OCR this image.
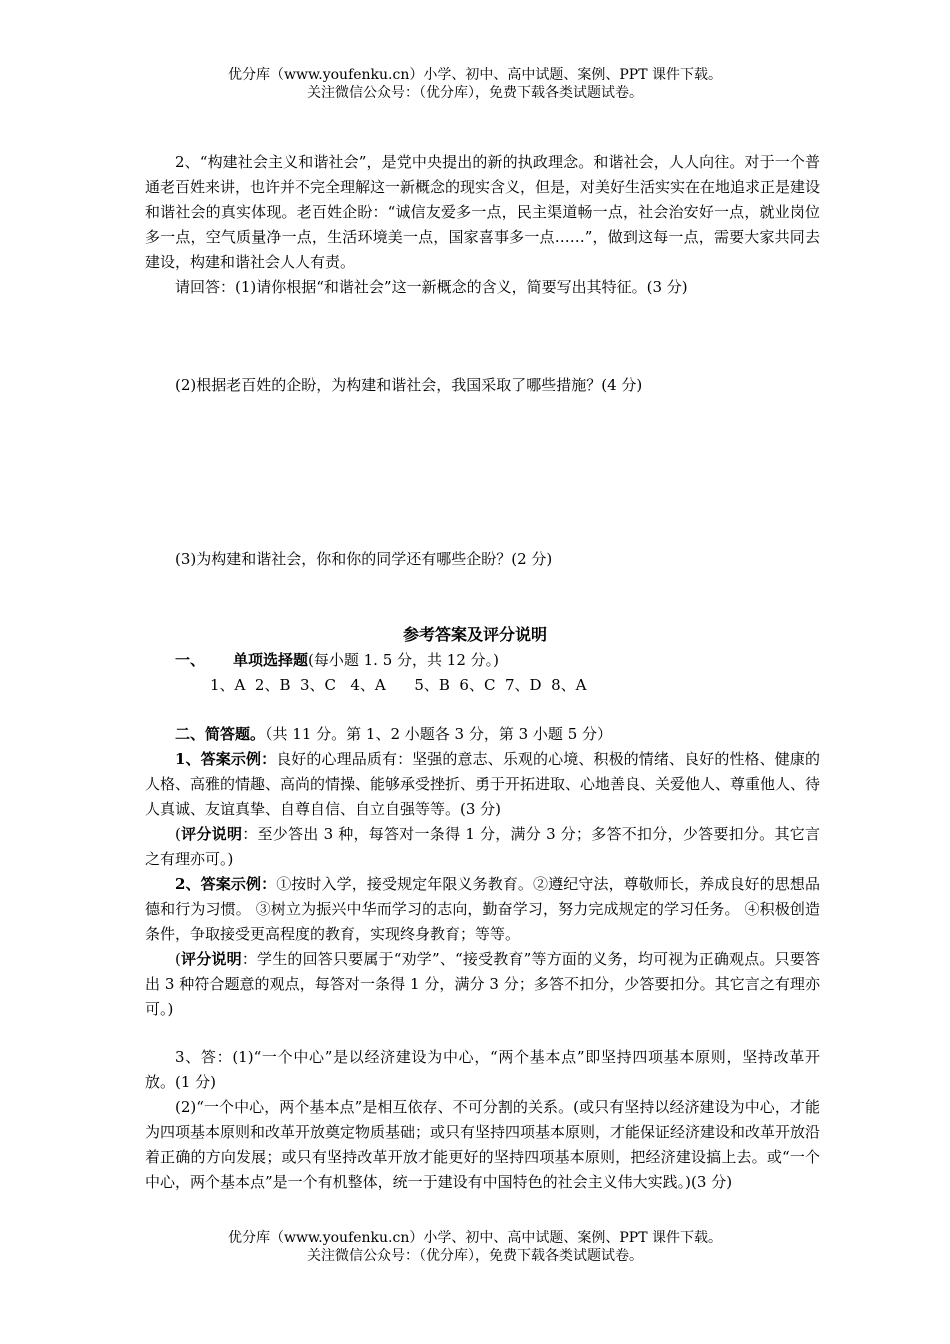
优分库（www.youfenku.cn）小学、初中、高中试题、案例、PPT 课件下载。
关注微信公众号：（优分库），免费下载各类试题试卷。

2、“构建社会主义和谐社会”，是党中央提出的新的执政理念。和谐社会，人人向往。对于一个普通老百姓来讲，也许并不完全理解这一新概念的现实含义，但是，对美好生活实实在在地追求正是建设和谐社会的真实体现。老百姓企盼：“诚信友爱多一点，民主渠道畅一点，社会治安好一点，就业岗位多一点，空气质量净一点，生活环境美一点，国家喜事多一点……”，做到这每一点，需要大家共同去建设，构建和谐社会人人有责。

请回答：(1)请你根据“和谐社会”这一新概念的含义，简要写出其特征。(3 分)

(2)根据老百姓的企盼，为构建和谐社会，我国采取了哪些措施？(4 分)

(3)为构建和谐社会，你和你的同学还有哪些企盼？(2 分)

参考答案及评分说明
一、 单项选择题(每小题 1. 5 分，共 12 分。)
1、A  2、B  3、C   4、A      5、B  6、C  7、D  8、A

二、简答题。（共 11 分。第 1、2 小题各 3 分，第 3 小题 5 分）

1、答案示例：良好的心理品质有：坚强的意志、乐观的心境、积极的情绪、良好的性格、健康的人格、高雅的情趣、高尚的情操、能够承受挫折、勇于开拓进取、心地善良、关爱他人、尊重他人、待人真诚、友谊真挚、自尊自信、自立自强等等。(3 分)

(评分说明：至少答出 3 种，每答对一条得 1 分，满分 3 分；多答不扣分，少答要扣分。其它言之有理亦可。)

2、答案示例：①按时入学，接受规定年限义务教育。②遵纪守法，尊敬师长，养成良好的思想品德和行为习惯。 ③树立为振兴中华而学习的志向，勤奋学习，努力完成规定的学习任务。 ④积极创造条件，争取接受更高程度的教育，实现终身教育；等等。

(评分说明：学生的回答只要属于“劝学”、“接受教育”等方面的义务，均可视为正确观点。只要答出 3 种符合题意的观点，每答对一条得 1 分，满分 3 分；多答不扣分，少答要扣分。其它言之有理亦可。)

3、答：(1)“一个中心”是以经济建设为中心，“两个基本点”即坚持四项基本原则，坚持改革开放。(1 分)

(2)“一个中心，两个基本点”是相互依存、不可分割的关系。(或只有坚持以经济建设为中心，才能为四项基本原则和改革开放奠定物质基础；或只有坚持四项基本原则，才能保证经济建设和改革开放沿着正确的方向发展；或只有坚持改革开放才能更好的坚持四项基本原则，把经济建设搞上去。或“一个中心，两个基本点”是一个有机整体，统一于建设有中国特色的社会主义伟大实践。)(3 分)

优分库（www.youfenku.cn）小学、初中、高中试题、案例、PPT 课件下载。
关注微信公众号：（优分库），免费下载各类试题试卷。
